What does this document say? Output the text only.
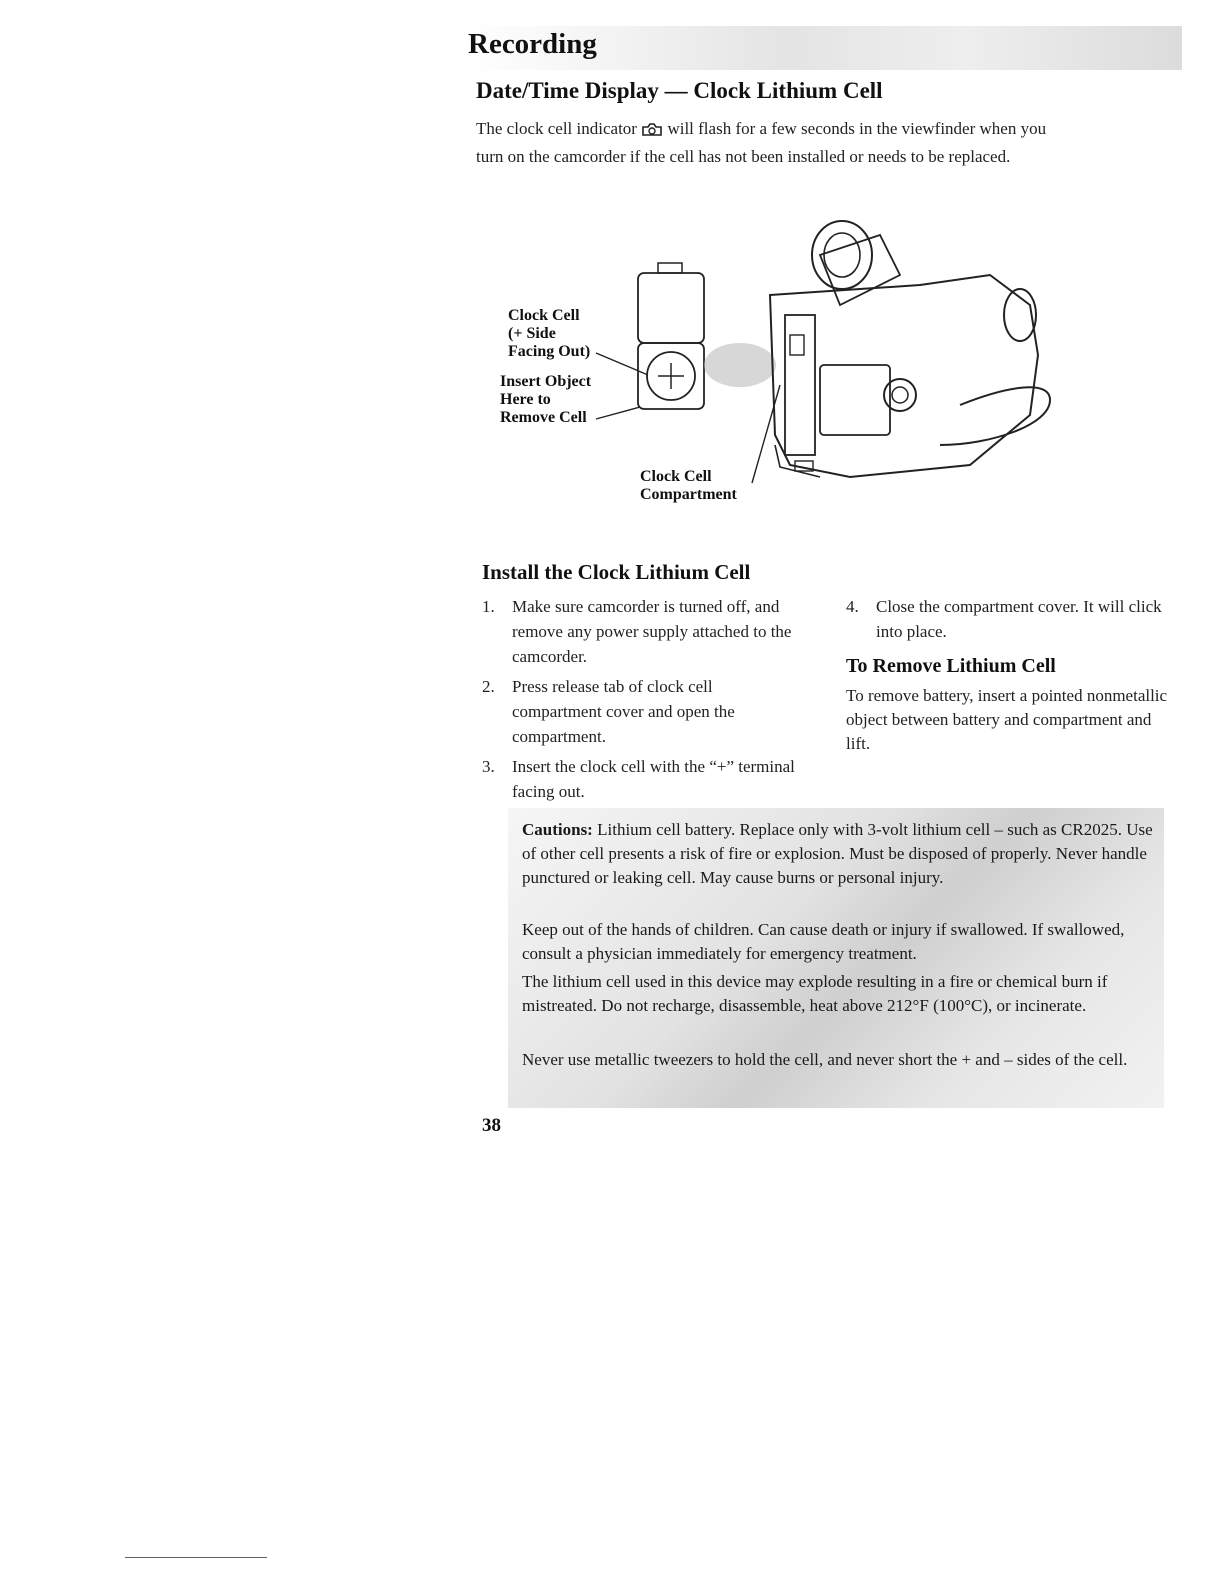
Recording
Date/Time Display — Clock Lithium Cell
The clock cell indicator will flash for a few seconds in the viewfinder when you turn on the camcorder if the cell has not been installed or needs to be replaced.
Clock Cell
(+ Side
Facing Out)
Insert Object
Here to
Remove Cell
Clock Cell
Compartment
Install the Clock Lithium Cell
1. Make sure camcorder is turned off, and remove any power supply attached to the camcorder.
2. Press release tab of clock cell compartment cover and open the compartment.
3. Insert the clock cell with the “+” terminal facing out.
4. Close the compartment cover. It will click into place.
To Remove Lithium Cell
To remove battery, insert a pointed nonmetallic object between battery and compartment and lift.

Cautions: Lithium cell battery. Replace only with 3-volt lithium cell – such as CR2025. Use of other cell presents a risk of fire or explosion. Must be disposed of properly. Never handle punctured or leaking cell. May cause burns or personal injury.

Keep out of the hands of children. Can cause death or injury if swallowed. If swallowed, consult a physician immediately for emergency treatment.

The lithium cell used in this device may explode resulting in a fire or chemical burn if mistreated. Do not recharge, disassemble, heat above 212°F (100°C), or incinerate.

Never use metallic tweezers to hold the cell, and never short the + and – sides of the cell.

38
